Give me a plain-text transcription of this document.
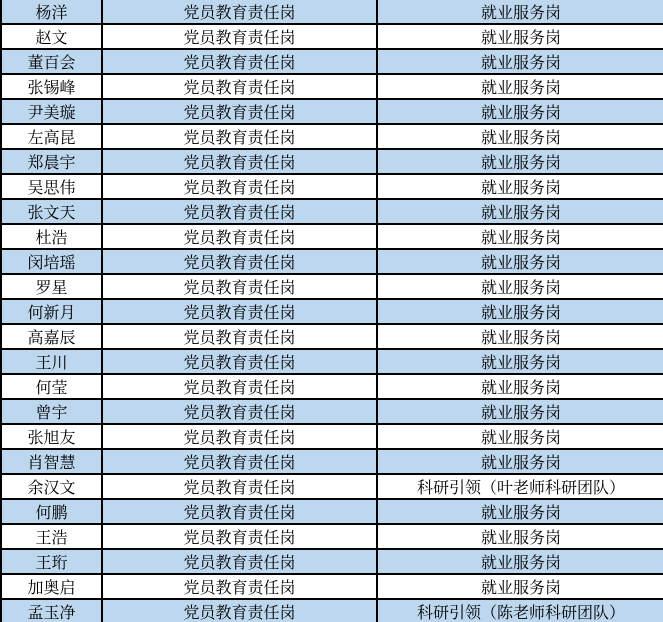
杨洋	党员教育责任岗	就业服务岗
赵文	党员教育责任岗	就业服务岗
董百会	党员教育责任岗	就业服务岗
张锡峰	党员教育责任岗	就业服务岗
尹美璇	党员教育责任岗	就业服务岗
左高昆	党员教育责任岗	就业服务岗
郑晨宇	党员教育责任岗	就业服务岗
吴思伟	党员教育责任岗	就业服务岗
张文天	党员教育责任岗	就业服务岗
杜浩	党员教育责任岗	就业服务岗
闵培瑶	党员教育责任岗	就业服务岗
罗星	党员教育责任岗	就业服务岗
何新月	党员教育责任岗	就业服务岗
高嘉辰	党员教育责任岗	就业服务岗
王川	党员教育责任岗	就业服务岗
何莹	党员教育责任岗	就业服务岗
曾宇	党员教育责任岗	就业服务岗
张旭友	党员教育责任岗	就业服务岗
肖智慧	党员教育责任岗	就业服务岗
余汉文	党员教育责任岗	科研引领（叶老师科研团队）
何鹏	党员教育责任岗	就业服务岗
王浩	党员教育责任岗	就业服务岗
王珩	党员教育责任岗	就业服务岗
加奥启	党员教育责任岗	就业服务岗
孟玉净	党员教育责任岗	科研引领（陈老师科研团队）
